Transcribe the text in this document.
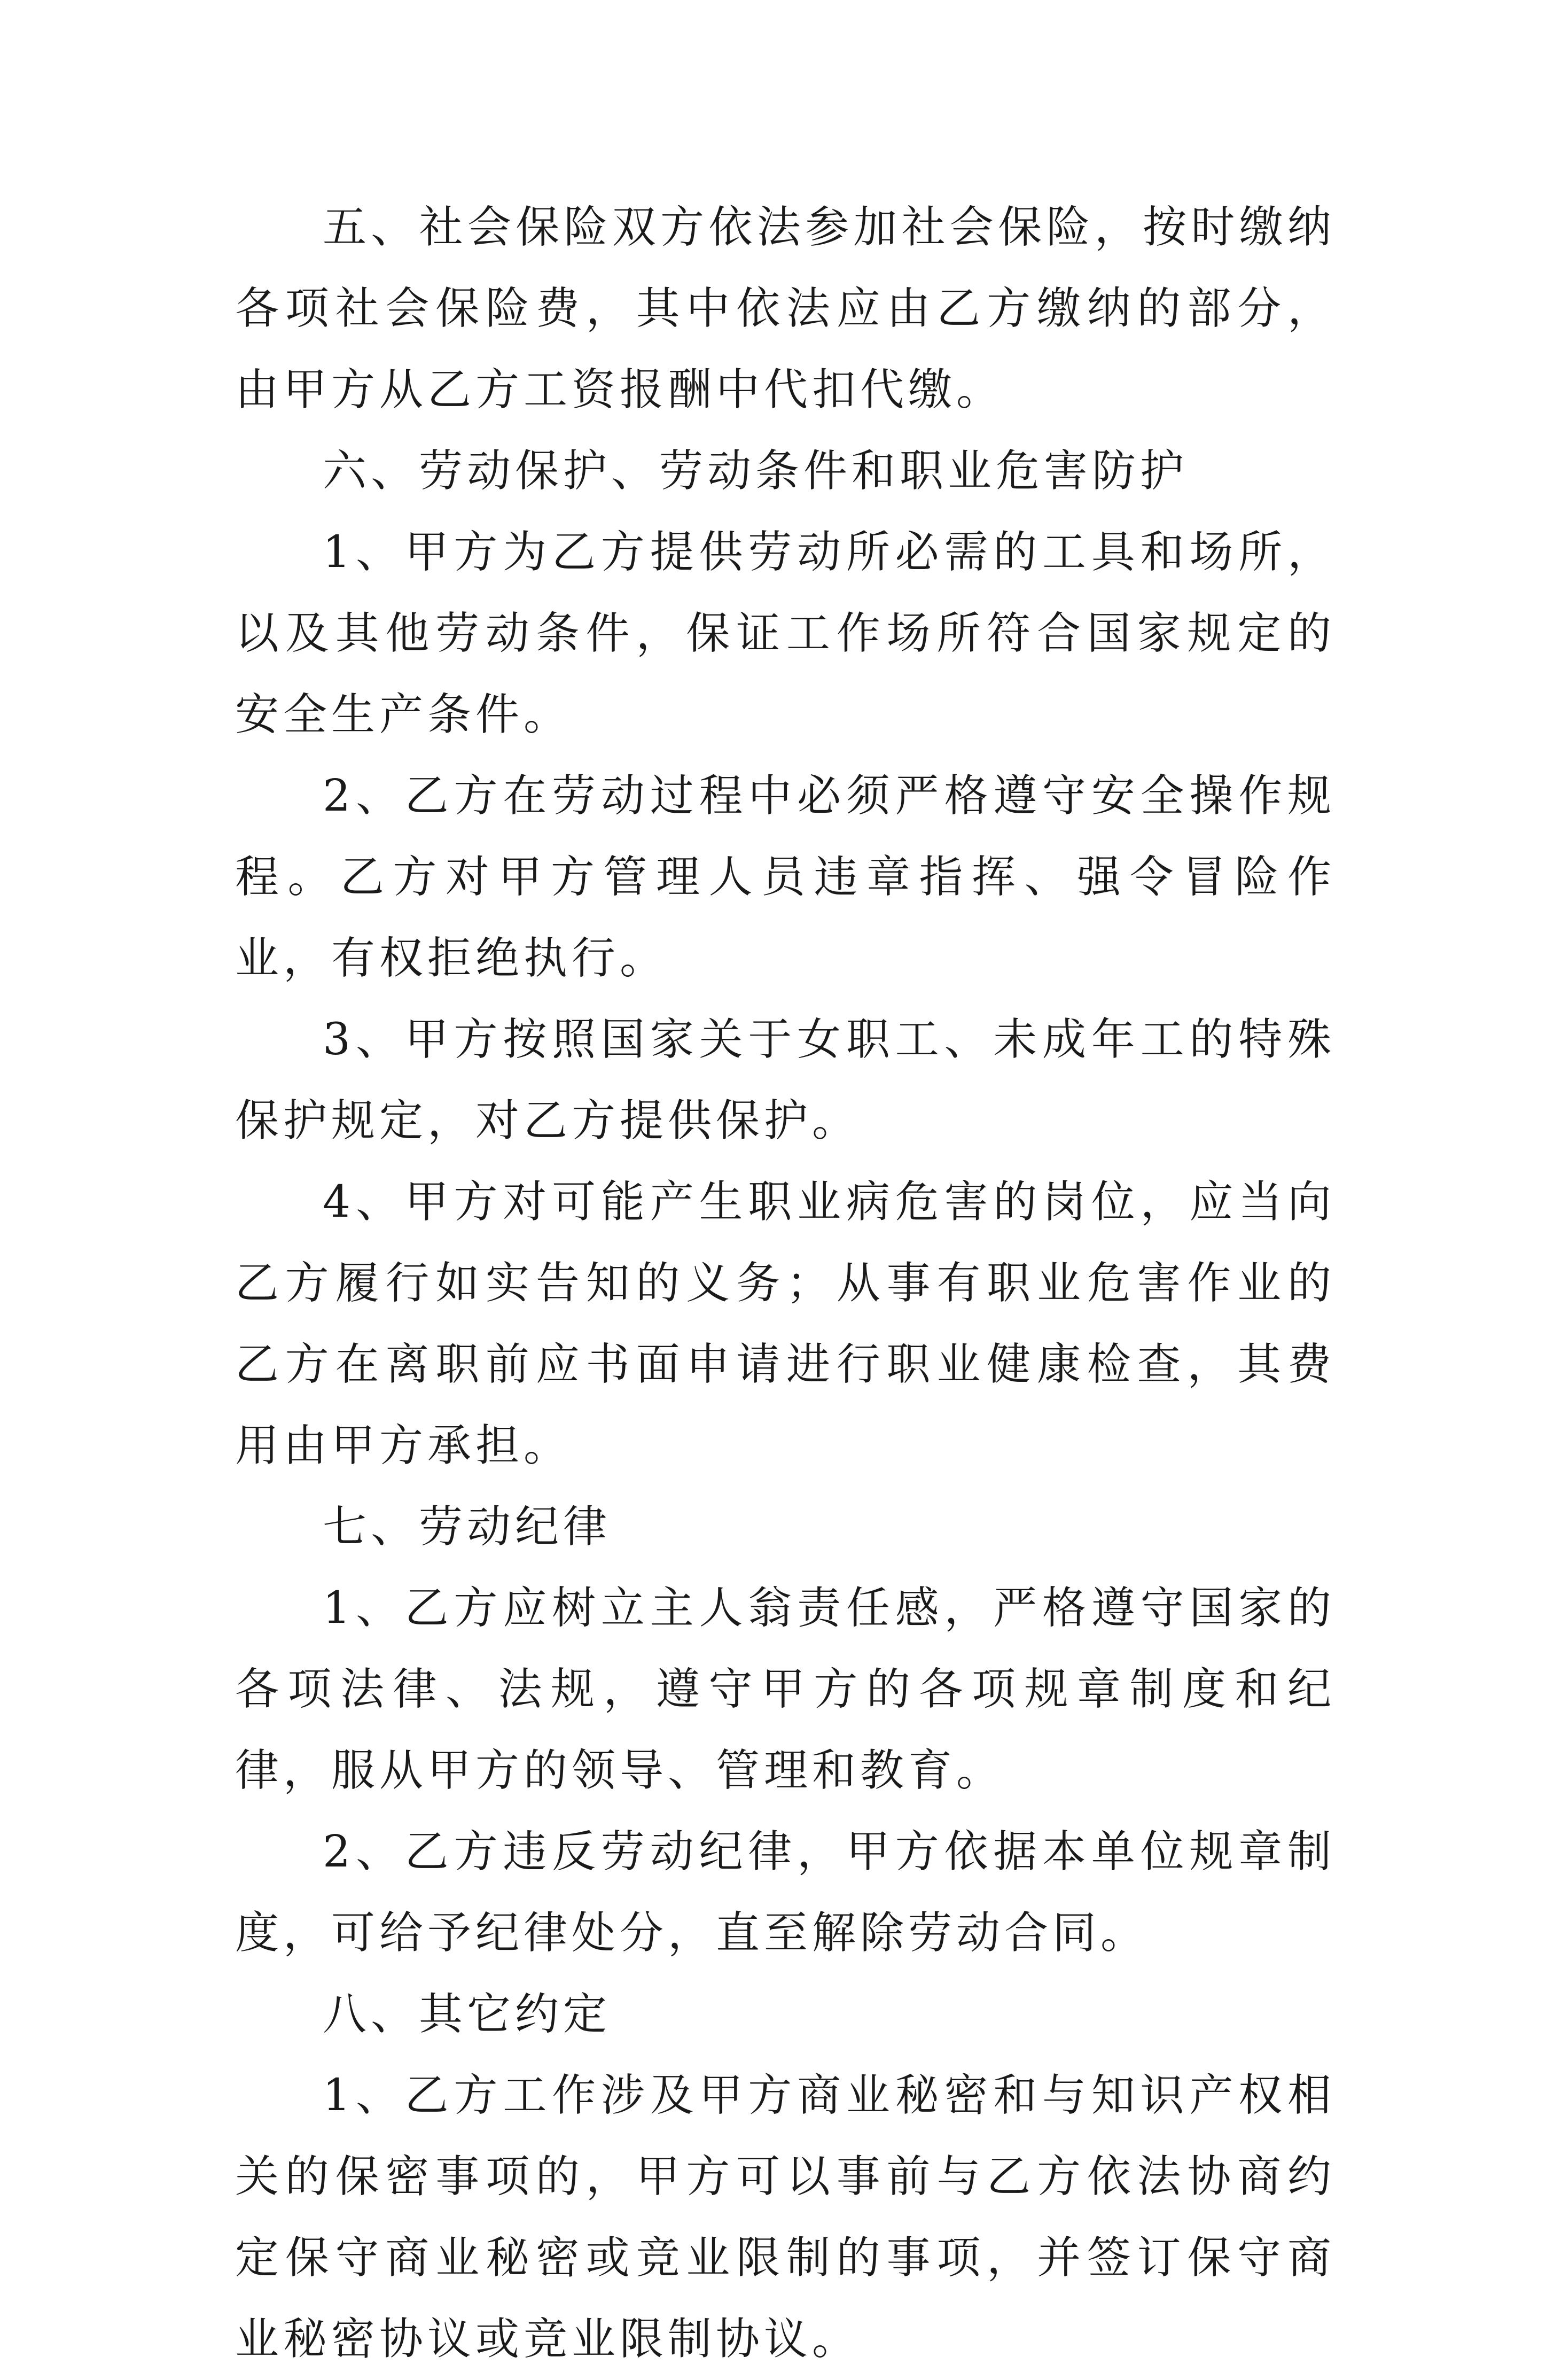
五、社会保险双方依法参加社会保险，按时缴纳各项社会保险费，其中依法应由乙方缴纳的部分，由甲方从乙方工资报酬中代扣代缴。

六、劳动保护、劳动条件和职业危害防护

1、甲方为乙方提供劳动所必需的工具和场所，以及其他劳动条件，保证工作场所符合国家规定的安全生产条件。

2、乙方在劳动过程中必须严格遵守安全操作规程。乙方对甲方管理人员违章指挥、强令冒险作业，有权拒绝执行。

3、甲方按照国家关于女职工、未成年工的特殊保护规定，对乙方提供保护。

4、甲方对可能产生职业病危害的岗位，应当向乙方履行如实告知的义务；从事有职业危害作业的乙方在离职前应书面申请进行职业健康检查，其费用由甲方承担。

七、劳动纪律

1、乙方应树立主人翁责任感，严格遵守国家的各项法律、法规，遵守甲方的各项规章制度和纪律，服从甲方的领导、管理和教育。

2、乙方违反劳动纪律，甲方依据本单位规章制度，可给予纪律处分，直至解除劳动合同。

八、其它约定

1、乙方工作涉及甲方商业秘密和与知识产权相关的保密事项的，甲方可以事前与乙方依法协商约定保守商业秘密或竞业限制的事项，并签订保守商业秘密协议或竞业限制协议。
